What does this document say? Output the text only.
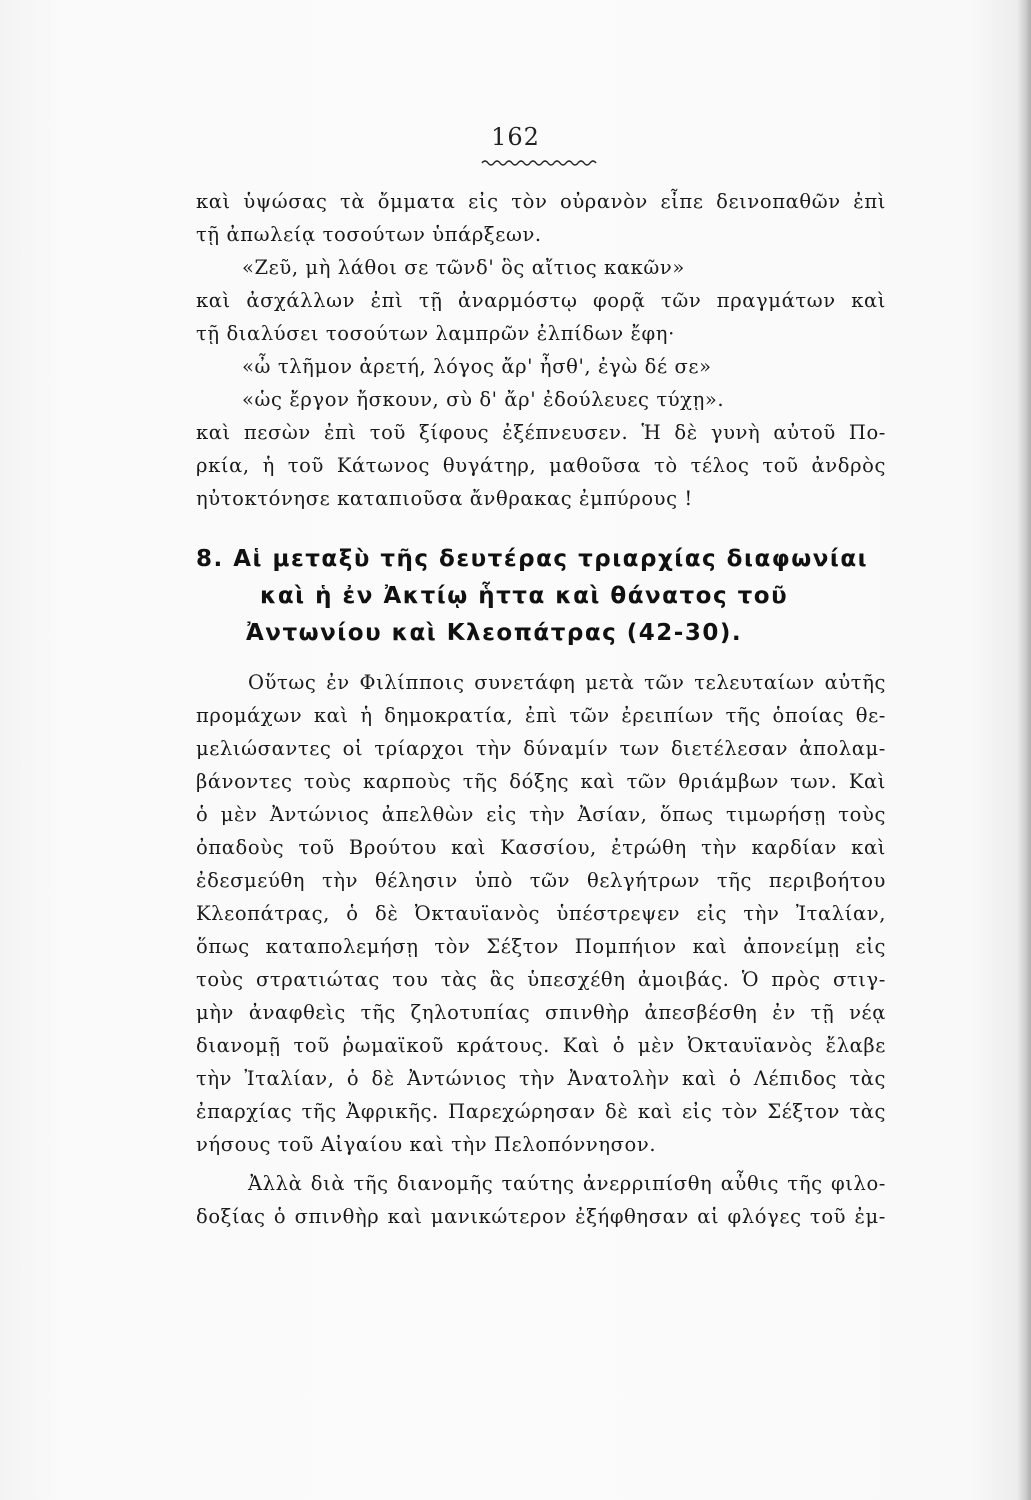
162
καὶ ὑψώσας τὰ ὄμματα εἰς τὸν οὐρανὸν εἶπε δεινοπαθῶν ἐπὶ
τῇ ἀπωλείᾳ τοσούτων ὑπάρξεων.
«Ζεῦ, μὴ λάθοι σε τῶνδ' ὃς αἴτιος κακῶν»
καὶ ἀσχάλλων ἐπὶ τῇ ἀναρμόστῳ φορᾷ τῶν πραγμάτων καὶ
τῇ διαλύσει τοσούτων λαμπρῶν ἐλπίδων ἔφη·
«ὦ τλῆμον ἀρετή, λόγος ἄρ' ἦσθ', ἐγὼ δέ σε»
«ὡς ἔργον ἤσκουν, σὺ δ' ἄρ' ἐδούλευες τύχῃ».
καὶ πεσὼν ἐπὶ τοῦ ξίφους ἐξέπνευσεν. Ἡ δὲ γυνὴ αὐτοῦ Πο-
ρκία, ἡ τοῦ Κάτωνος θυγάτηρ, μαθοῦσα τὸ τέλος τοῦ ἀνδρὸς
ηὐτοκτόνησε καταπιοῦσα ἄνθρακας ἐμπύρους !
8. Αἱ μεταξὺ τῆς δευτέρας τριαρχίας διαφωνίαι
καὶ ἡ ἐν Ἀκτίῳ ἧττα καὶ θάνατος τοῦ
Ἀντωνίου καὶ Κλεοπάτρας (42-30).
Οὕτως ἐν Φιλίπποις συνετάφη μετὰ τῶν τελευταίων αὐτῆς
πρoμάχων καὶ ἡ δημοκρατία, ἐπὶ τῶν ἐρειπίων τῆς ὁποίας θε-
μελιώσαντες οἱ τρίαρχοι τὴν δύναμίν των διετέλεσαν ἀπολαμ-
βάνοντες τοὺς καρποὺς τῆς δόξης καὶ τῶν θριάμβων των. Καὶ
ὁ μὲν Ἀντώνιος ἀπελθὼν εἰς τὴν Ἀσίαν, ὅπως τιμωρήσῃ τοὺς
ὀπαδοὺς τοῦ Βρούτου καὶ Κασσίου, ἐτρώθη τὴν καρδίαν καὶ
ἐδεσμεύθη τὴν θέλησιν ὑπὸ τῶν θελγήτρων τῆς περιβοήτου
Κλεοπάτρας, ὁ δὲ Ὀκταυϊανὸς ὑπέστρεψεν εἰς τὴν Ἰταλίαν,
ὅπως καταπολεμήσῃ τὸν Σέξτον Πομπήιον καὶ ἀπονείμῃ εἰς
τοὺς στρατιώτας του τὰς ἃς ὑπεσχέθη ἀμοιβάς. Ὁ πρὸς στιγ-
μὴν ἀναφθεὶς τῆς ζηλοτυπίας σπινθὴρ ἀπεσβέσθη ἐν τῇ νέᾳ
διανομῇ τοῦ ῥωμαϊκοῦ κράτους. Καὶ ὁ μὲν Ὀκταυϊανὸς ἔλαβε
τὴν Ἰταλίαν, ὁ δὲ Ἀντώνιος τὴν Ἀνατολὴν καὶ ὁ Λέπιδος τὰς
ἐπαρχίας τῆς Ἀφρικῆς. Παρεχώρησαν δὲ καὶ εἰς τὸν Σέξτον τὰς
νήσους τοῦ Αἰγαίου καὶ τὴν Πελοπόννησον.
Ἀλλὰ διὰ τῆς διανομῆς ταύτης ἀνερριπίσθη αὖθις τῆς φιλο-
δοξίας ὁ σπινθὴρ καὶ μανικώτερον ἐξήφθησαν αἱ φλόγες τοῦ ἐμ-
